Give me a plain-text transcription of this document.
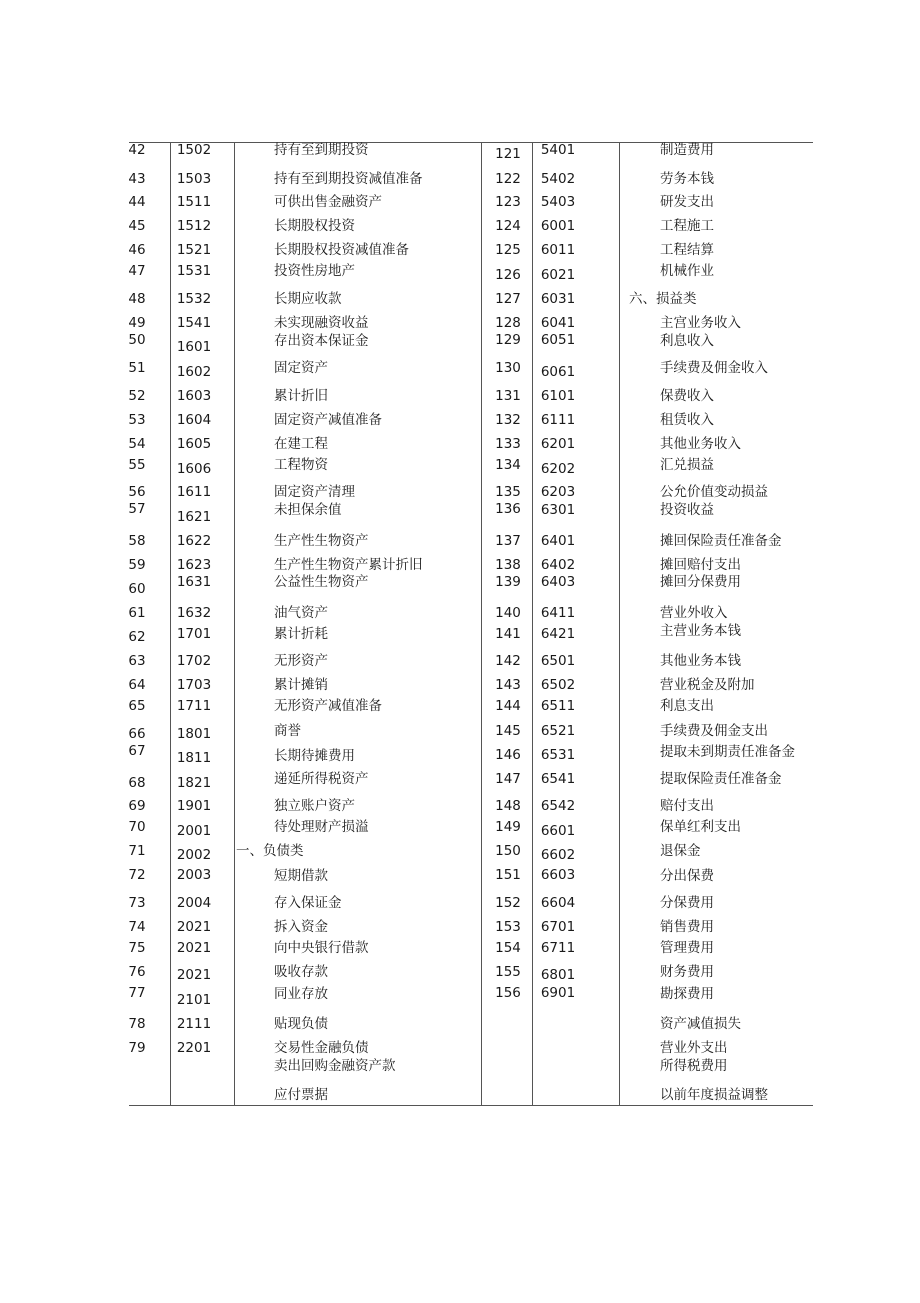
42	1502	持有至到期投资
43	1503	持有至到期投资减值准备
44	1511	可供出售金融资产
45	1512	长期股权投资
46	1521	长期股权投资减值准备
47	1531	投资性房地产
48	1532	长期应收款
49	1541	未实现融资收益
50	1601	存出资本保证金
51	1602	固定资产
52	1603	累计折旧
53	1604	固定资产减值准备
54	1605	在建工程
55	1606	工程物资
56	1611	固定资产清理
57	1621	未担保余值
58	1622	生产性生物资产
59	1623	生产性生物资产累计折旧
60	1631	公益性生物资产
61	1632	油气资产
62	1701	累计折耗
63	1702	无形资产
64	1703	累计摊销
65	1711	无形资产减值准备
66	1801	商誉
67	1811	长期待摊费用
68	1821	递延所得税资产
69	1901	独立账户资产
70	2001	待处理财产损溢
71	2002	一、负债类
72	2003	短期借款
73	2004	存入保证金
74	2021	拆入资金
75	2021	向中央银行借款
76	2021	吸收存款
77	2101	同业存放
78	2111	贴现负债
79	2201	交易性金融负债
卖出回购金融资产款
应付票据
121	5401	制造费用
122	5402	劳务本钱
123	5403	研发支出
124	6001	工程施工
125	6011	工程结算
126	6021	机械作业
127	6031	六、损益类
128	6041	主宫业务收入
129	6051	利息收入
130	6061	手续费及佣金收入
131	6101	保费收入
132	6111	租赁收入
133	6201	其他业务收入
134	6202	汇兑损益
135	6203	公允价值变动损益
136	6301	投资收益
137	6401	摊回保险责任准备金
138	6402	摊回赔付支出
139	6403	摊回分保费用
140	6411	营业外收入
141	6421	主营业务本钱
142	6501	其他业务本钱
143	6502	营业税金及附加
144	6511	利息支出
145	6521	手续费及佣金支出
146	6531	提取未到期责任准备金
147	6541	提取保险责任准备金
148	6542	赔付支出
149	6601	保单红利支出
150	6602	退保金
151	6603	分出保费
152	6604	分保费用
153	6701	销售费用
154	6711	管理费用
155	6801	财务费用
156	6901	勘探费用
资产减值损失
营业外支出
所得税费用
以前年度损益调整
